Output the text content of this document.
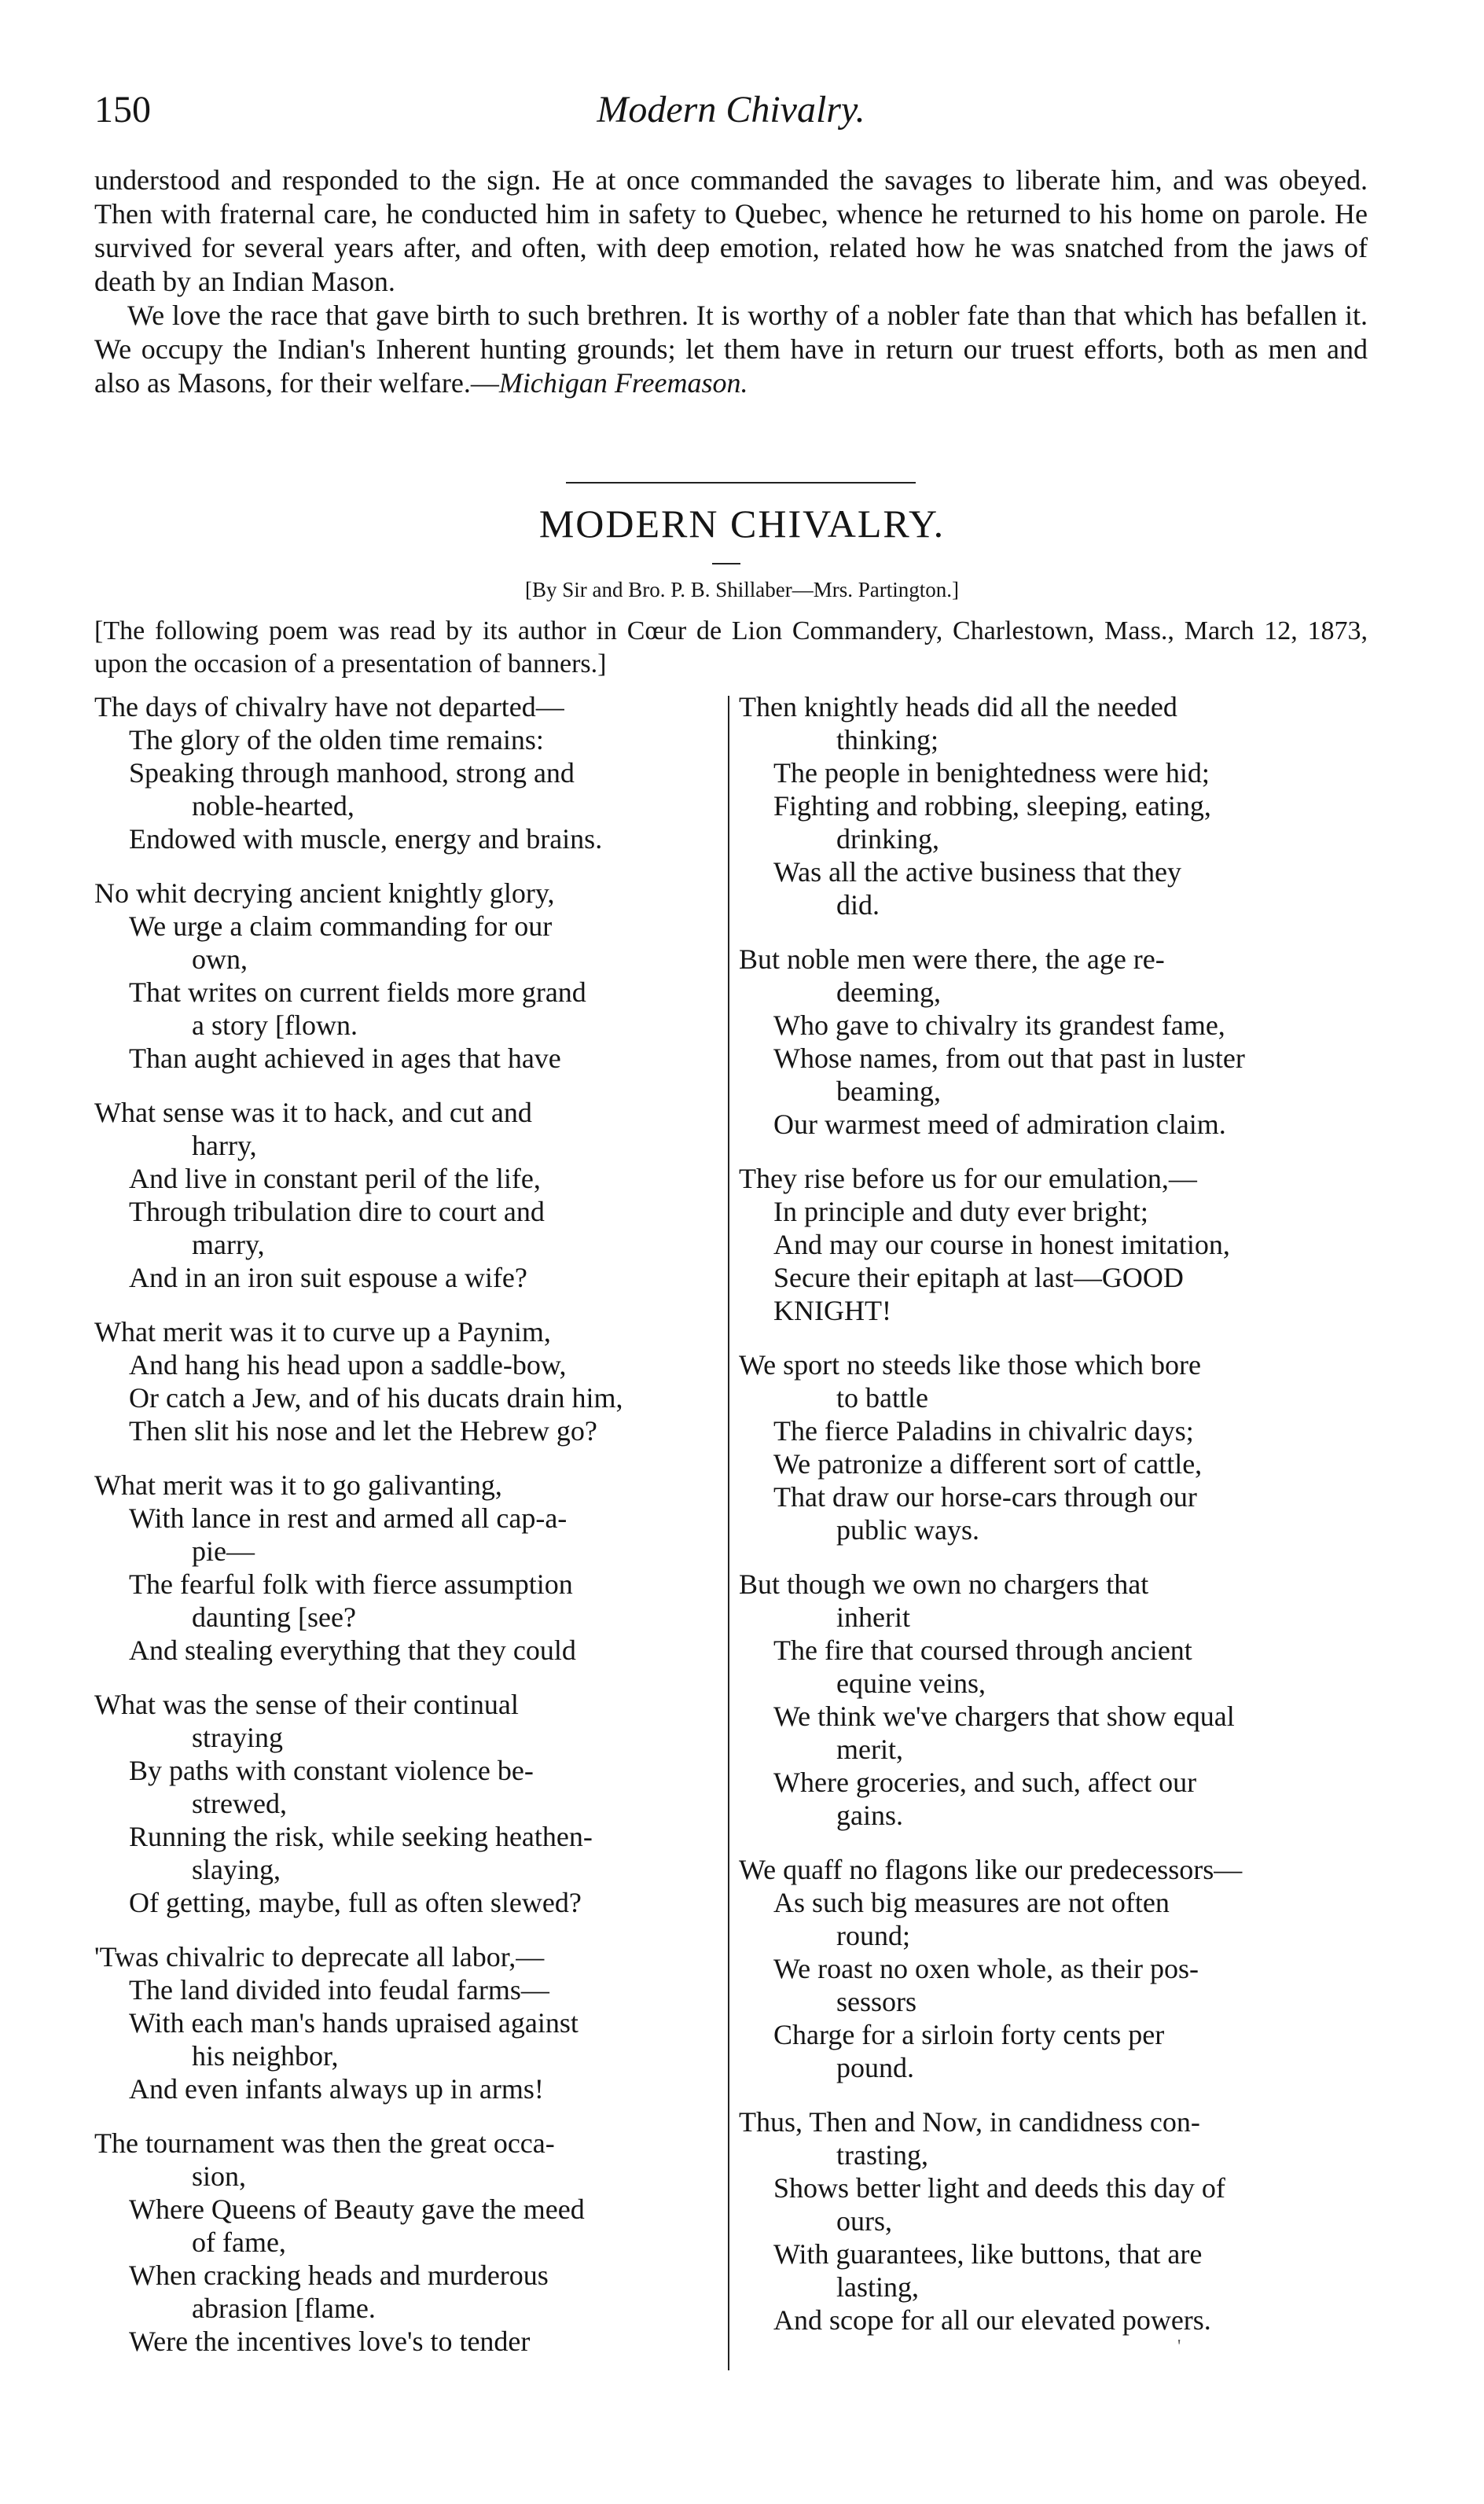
150	Modern Chivalry.

understood and responded to the sign. He at once commanded the savages to liberate him, and was obeyed. Then with fraternal care, he conducted him in safety to Quebec, whence he returned to his home on parole. He survived for several years after, and often, with deep emotion, related how he was snatched from the jaws of death by an Indian Mason.

We love the race that gave birth to such brethren. It is worthy of a nobler fate than that which has befallen it. We occupy the Indian's Inherent hunting grounds; let them have in return our truest efforts, both as men and also as Masons, for their welfare.—Michigan Freemason.

MODERN CHIVALRY.
[By Sir and Bro. P. B. Shillaber—Mrs. Partington.]
[The following poem was read by its author in Cœur de Lion Commandery, Charlestown, Mass., March 12, 1873, upon the occasion of a presentation of banners.]
The days of chivalry have not departed—
The glory of the olden time remains:
Speaking through manhood, strong and
noble-hearted,
Endowed with muscle, energy and brains.
No whit decrying ancient knightly glory,
We urge a claim commanding for our
own,
That writes on current fields more grand
a story [flown.
Than aught achieved in ages that have
What sense was it to hack, and cut and
harry,
And live in constant peril of the life,
Through tribulation dire to court and
marry,
And in an iron suit espouse a wife?
What merit was it to curve up a Paynim,
And hang his head upon a saddle-bow,
Or catch a Jew, and of his ducats drain him,
Then slit his nose and let the Hebrew go?
What merit was it to go galivanting,
With lance in rest and armed all cap-a-
pie—
The fearful folk with fierce assumption
daunting [see?
And stealing everything that they could
What was the sense of their continual
straying
By paths with constant violence be-
strewed,
Running the risk, while seeking heathen-
slaying,
Of getting, maybe, full as often slewed?
'Twas chivalric to deprecate all labor,—
The land divided into feudal farms—
With each man's hands upraised against
his neighbor,
And even infants always up in arms!
The tournament was then the great occa-
sion,
Where Queens of Beauty gave the meed
of fame,
When cracking heads and murderous
abrasion [flame.
Were the incentives love's to tender
Then knightly heads did all the needed
thinking;
The people in benightedness were hid;
Fighting and robbing, sleeping, eating,
drinking,
Was all the active business that they
did.
But noble men were there, the age re-
deeming,
Who gave to chivalry its grandest fame,
Whose names, from out that past in luster
beaming,
Our warmest meed of admiration claim.
They rise before us for our emulation,—
In principle and duty ever bright;
And may our course in honest imitation,
Secure their epitaph at last—GOOD
KNIGHT!
We sport no steeds like those which bore
to battle
The fierce Paladins in chivalric days;
We patronize a different sort of cattle,
That draw our horse-cars through our
public ways.
But though we own no chargers that
inherit
The fire that coursed through ancient
equine veins,
We think we've chargers that show equal
merit,
Where groceries, and such, affect our
gains.
We quaff no flagons like our predecessors—
As such big measures are not often
round;
We roast no oxen whole, as their pos-
sessors
Charge for a sirloin forty cents per
pound.
Thus, Then and Now, in candidness con-
trasting,
Shows better light and deeds this day of
ours,
With guarantees, like buttons, that are
lasting,
And scope for all our elevated powers.
'
